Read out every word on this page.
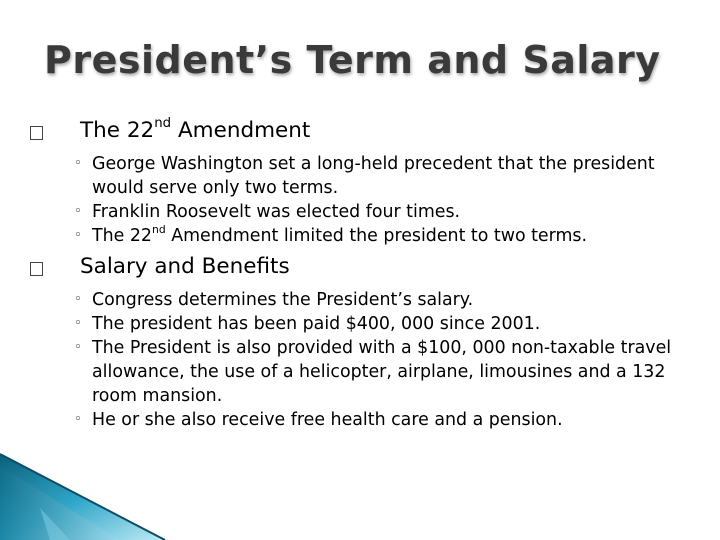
President’s Term and Salary
The 22nd Amendment
◦ George Washington set a long-held precedent that the president would serve only two terms.
◦ Franklin Roosevelt was elected four times.
◦ The 22nd Amendment limited the president to two terms.
Salary and Benefits
◦ Congress determines the President’s salary.
◦ The president has been paid $400, 000 since 2001.
◦ The President is also provided with a $100, 000 non-taxable travel allowance, the use of a helicopter, airplane, limousines and a 132 room mansion.
◦ He or she also receive free health care and a pension.
